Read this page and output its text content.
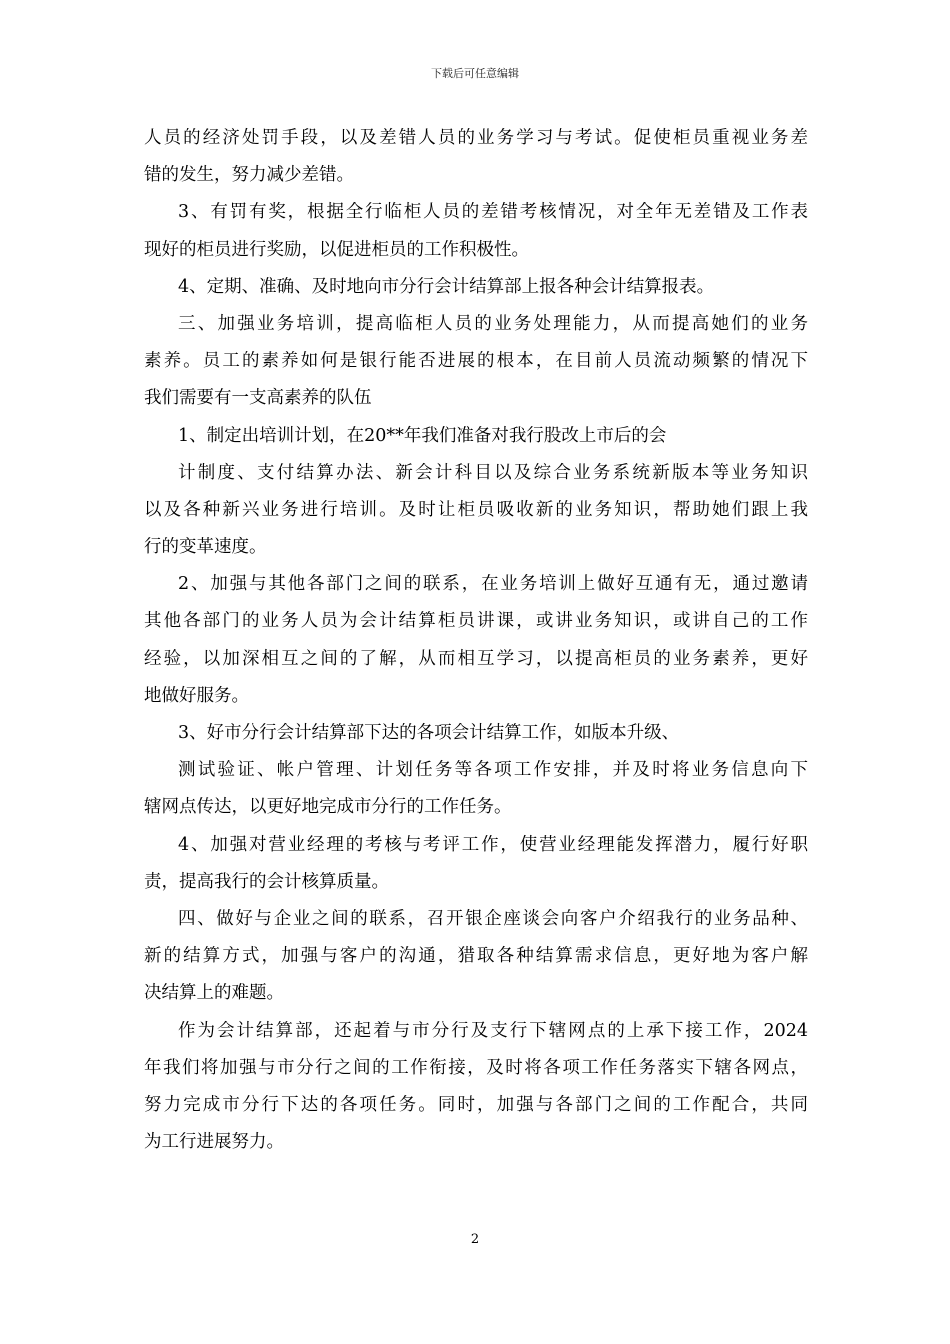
下载后可任意编辑
人员的经济处罚手段，以及差错人员的业务学习与考试。促使柜员重视业务差
错的发生，努力减少差错。
3、有罚有奖，根据全行临柜人员的差错考核情况，对全年无差错及工作表
现好的柜员进行奖励，以促进柜员的工作积极性。
4、定期、准确、及时地向市分行会计结算部上报各种会计结算报表。
三、加强业务培训，提高临柜人员的业务处理能力，从而提高她们的业务
素养。员工的素养如何是银行能否进展的根本，在目前人员流动频繁的情况下
我们需要有一支高素养的队伍
1、制定出培训计划，在20**年我们准备对我行股改上市后的会
计制度、支付结算办法、新会计科目以及综合业务系统新版本等业务知识
以及各种新兴业务进行培训。及时让柜员吸收新的业务知识，帮助她们跟上我
行的变革速度。
2、加强与其他各部门之间的联系，在业务培训上做好互通有无，通过邀请
其他各部门的业务人员为会计结算柜员讲课，或讲业务知识，或讲自己的工作
经验，以加深相互之间的了解，从而相互学习，以提高柜员的业务素养，更好
地做好服务。
3、好市分行会计结算部下达的各项会计结算工作，如版本升级、
测试验证、帐户管理、计划任务等各项工作安排，并及时将业务信息向下
辖网点传达，以更好地完成市分行的工作任务。
4、加强对营业经理的考核与考评工作，使营业经理能发挥潜力，履行好职
责，提高我行的会计核算质量。
四、做好与企业之间的联系，召开银企座谈会向客户介绍我行的业务品种、
新的结算方式，加强与客户的沟通，猎取各种结算需求信息，更好地为客户解
决结算上的难题。
作为会计结算部，还起着与市分行及支行下辖网点的上承下接工作，2024
年我们将加强与市分行之间的工作衔接，及时将各项工作任务落实下辖各网点，
努力完成市分行下达的各项任务。同时，加强与各部门之间的工作配合，共同
为工行进展努力。
2
